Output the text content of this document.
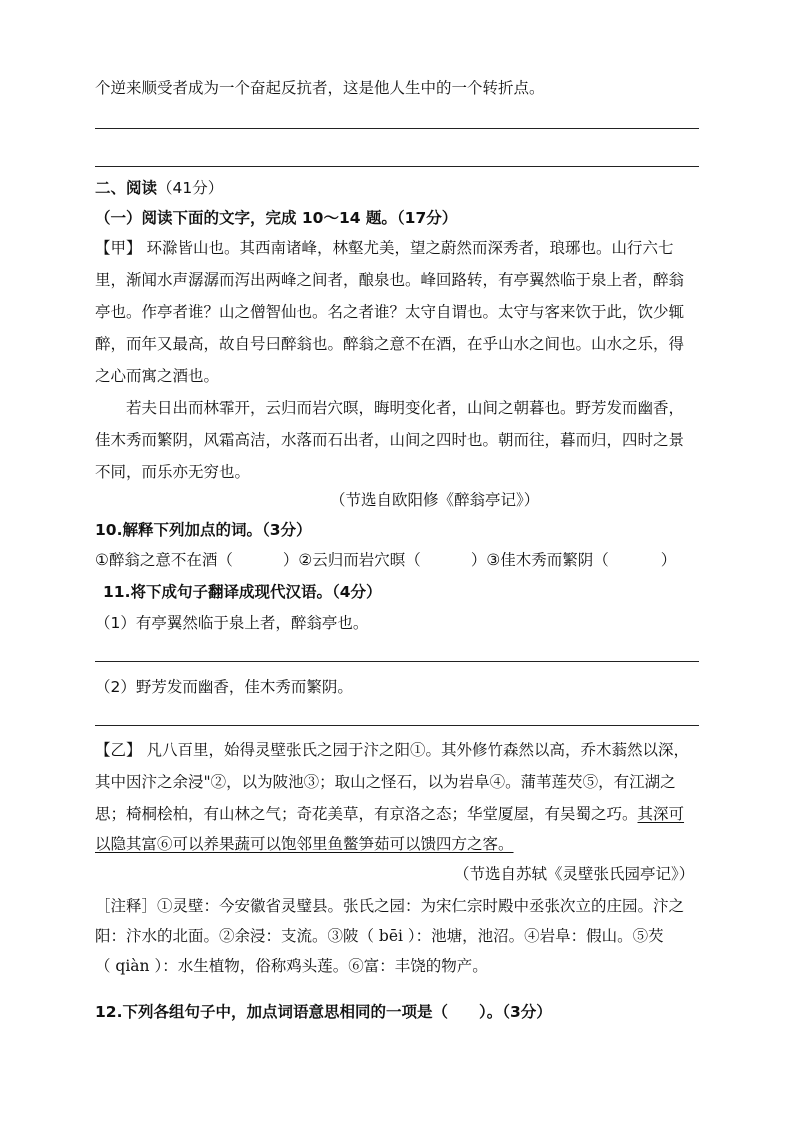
个逆来顺受者成为一个奋起反抗者，这是他人生中的一个转折点。
二、阅读（41分）
（一）阅读下面的文字，完成 10～14 题。（17分）
【甲】 环滁皆山也。其西南诸峰，林壑尤美，望之蔚然而深秀者，琅琊也。山行六七
里，渐闻水声潺潺而泻出两峰之间者，酿泉也。峰回路转，有亭翼然临于泉上者，醉翁
亭也。作亭者谁？山之僧智仙也。名之者谁？太守自谓也。太守与客来饮于此，饮少辄
醉，而年又最高，故自号曰醉翁也。醉翁之意不在酒，在乎山水之间也。山水之乐，得
之心而寓之酒也。
若夫日出而林霏开，云归而岩穴暝，晦明变化者，山间之朝暮也。野芳发而幽香，
佳木秀而繁阴，风霜高洁，水落而石出者，山间之四时也。朝而往，暮而归，四时之景
不同，而乐亦无穷也。
（节选自欧阳修《醉翁亭记》）
10.解释下列加点的词。（3分）
①醉翁之意不在酒（	）②云归而岩穴暝（	）③佳木秀而繁阴（	）
11.将下成句子翻译成现代汉语。（4分）
（1）有亭翼然临于泉上者，醉翁亭也。
（2）野芳发而幽香，佳木秀而繁阴。
【乙】 凡八百里，始得灵壁张氏之园于汴之阳①。其外修竹森然以高，乔木蓊然以深，
其中因汴之余浸"②，以为陂池③；取山之怪石，以为岩阜④。蒲苇莲芡⑤，有江湖之
思；椅桐桧柏，有山林之气；奇花美草，有京洛之态；华堂厦屋，有吴蜀之巧。其深可
以隐其富⑥可以养果蔬可以饱邻里鱼鳖笋茹可以馈四方之客。
（节选自苏轼《灵壁张氏园亭记》）
［注释］①灵壁：今安徽省灵璧县。张氏之园：为宋仁宗时殿中丞张次立的庄园。汴之
阳：汴水的北面。②余浸：支流。③陂（ bēi ）：池塘，池沼。④岩阜：假山。⑤芡
（ qiàn ）：水生植物，俗称鸡头莲。⑥富：丰饶的物产。
12.下列各组句子中，加点词语意思相同的一项是（　　）。（3分）
